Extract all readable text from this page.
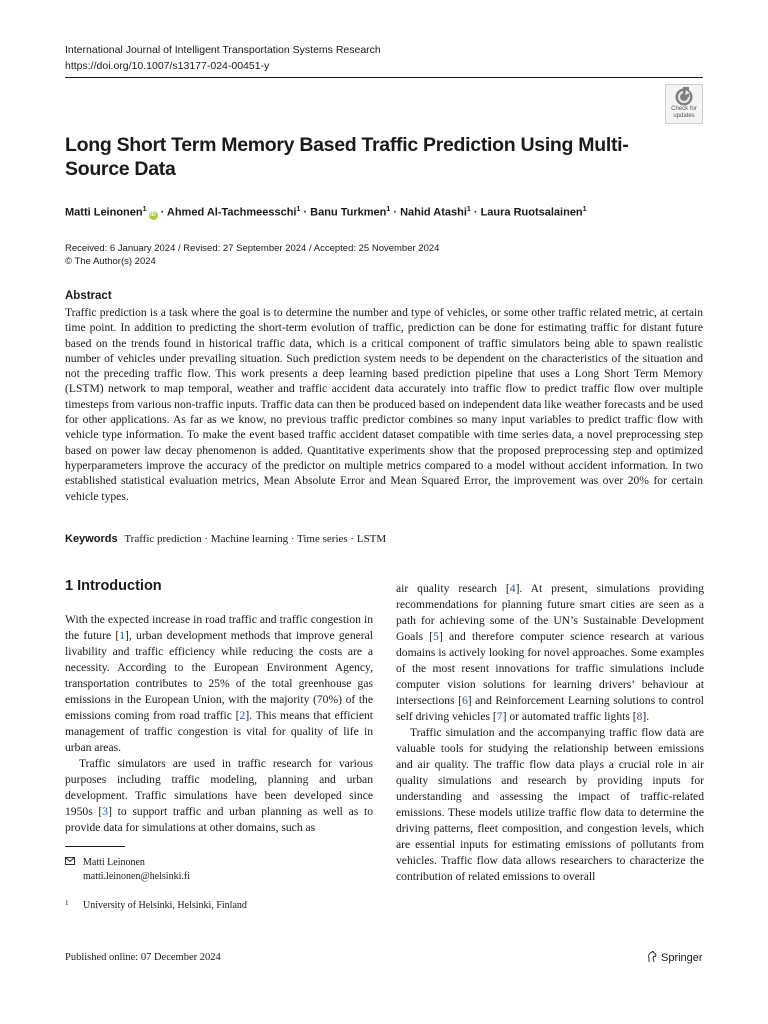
International Journal of Intelligent Transportation Systems Research
https://doi.org/10.1007/s13177-024-00451-y
Check for
updates
Long Short Term Memory Based Traffic Prediction Using Multi-Source Data
Matti Leinonen$^1$iD · Ahmed Al-Tachmeesschi$^1$ · Banu Turkmen$^1$ · Nahid Atashi$^1$ · Laura Ruotsalainen$^1$
Received: 6 January 2024 / Revised: 27 September 2024 / Accepted: 25 November 2024
© The Author(s) 2024
Abstract
Traffic prediction is a task where the goal is to determine the number and type of vehicles, or some other traffic related metric, at certain time point. In addition to predicting the short-term evolution of traffic, prediction can be done for estimating traffic for distant future based on the trends found in historical traffic data, which is a critical component of traffic simulators being able to spawn realistic number of vehicles under prevailing situation. Such prediction system needs to be dependent on the characteristics of the situation and not the preceding traffic flow. This work presents a deep learning based prediction pipeline that uses a Long Short Term Memory (LSTM) network to map temporal, weather and traffic accident data accurately into traffic flow to predict traffic flow over multiple timesteps from various non-traffic inputs. Traffic data can then be produced based on independent data like weather forecasts and be used for other applications. As far as we know, no previous traffic predictor combines so many input variables to predict traffic flow with vehicle type information. To make the event based traffic accident dataset compatible with time series data, a novel preprocessing step based on power law decay phenomenon is added. Quantitative experiments show that the proposed preprocessing step and optimized hyperparameters improve the accuracy of the predictor on multiple metrics compared to a model without accident information. In two established statistical evaluation metrics, Mean Absolute Error and Mean Squared Error, the improvement was over 20% for certain vehicle types.
Keywords Traffic prediction · Machine learning · Time series · LSTM
1 Introduction

With the expected increase in road traffic and traffic congestion in the future [1], urban development methods that improve general livability and traffic efficiency while reducing the costs are a necessity. According to the European Environment Agency, transportation contributes to 25% of the total greenhouse gas emissions in the European Union, with the majority (70%) of the emissions coming from road traffic [2]. This means that efficient management of traffic congestion is vital for quality of life in urban areas.

Traffic simulators are used in traffic research for various purposes including traffic modeling, planning and urban development. Traffic simulations have been developed since 1950s [3] to support traffic and urban planning as well as to provide data for simulations at other domains, such as

air quality research [4]. At present, simulations providing recommendations for planning future smart cities are seen as a path for achieving some of the UN’s Sustainable Development Goals [5] and therefore computer science research at various domains is actively looking for novel approaches. Some examples of the most resent innovations for traffic simulations include computer vision solutions for learning drivers’ behaviour at intersections [6] and Reinforcement Learning solutions to control self driving vehicles [7] or automated traffic lights [8].

Traffic simulation and the accompanying traffic flow data are valuable tools for studying the relationship between emissions and air quality. The traffic flow data plays a crucial role in air quality simulations and research by providing inputs for understanding and assessing the impact of traffic-related emissions. These models utilize traffic flow data to determine the driving patterns, fleet composition, and congestion levels, which are essential inputs for estimating emissions of pollutants from vehicles. Traffic flow data allows researchers to characterize the contribution of related emissions to overall

Matti Leinonen
matti.leinonen@helsinki.fi
1 University of Helsinki, Helsinki, Finland
Published online: 07 December 2024	Springer
